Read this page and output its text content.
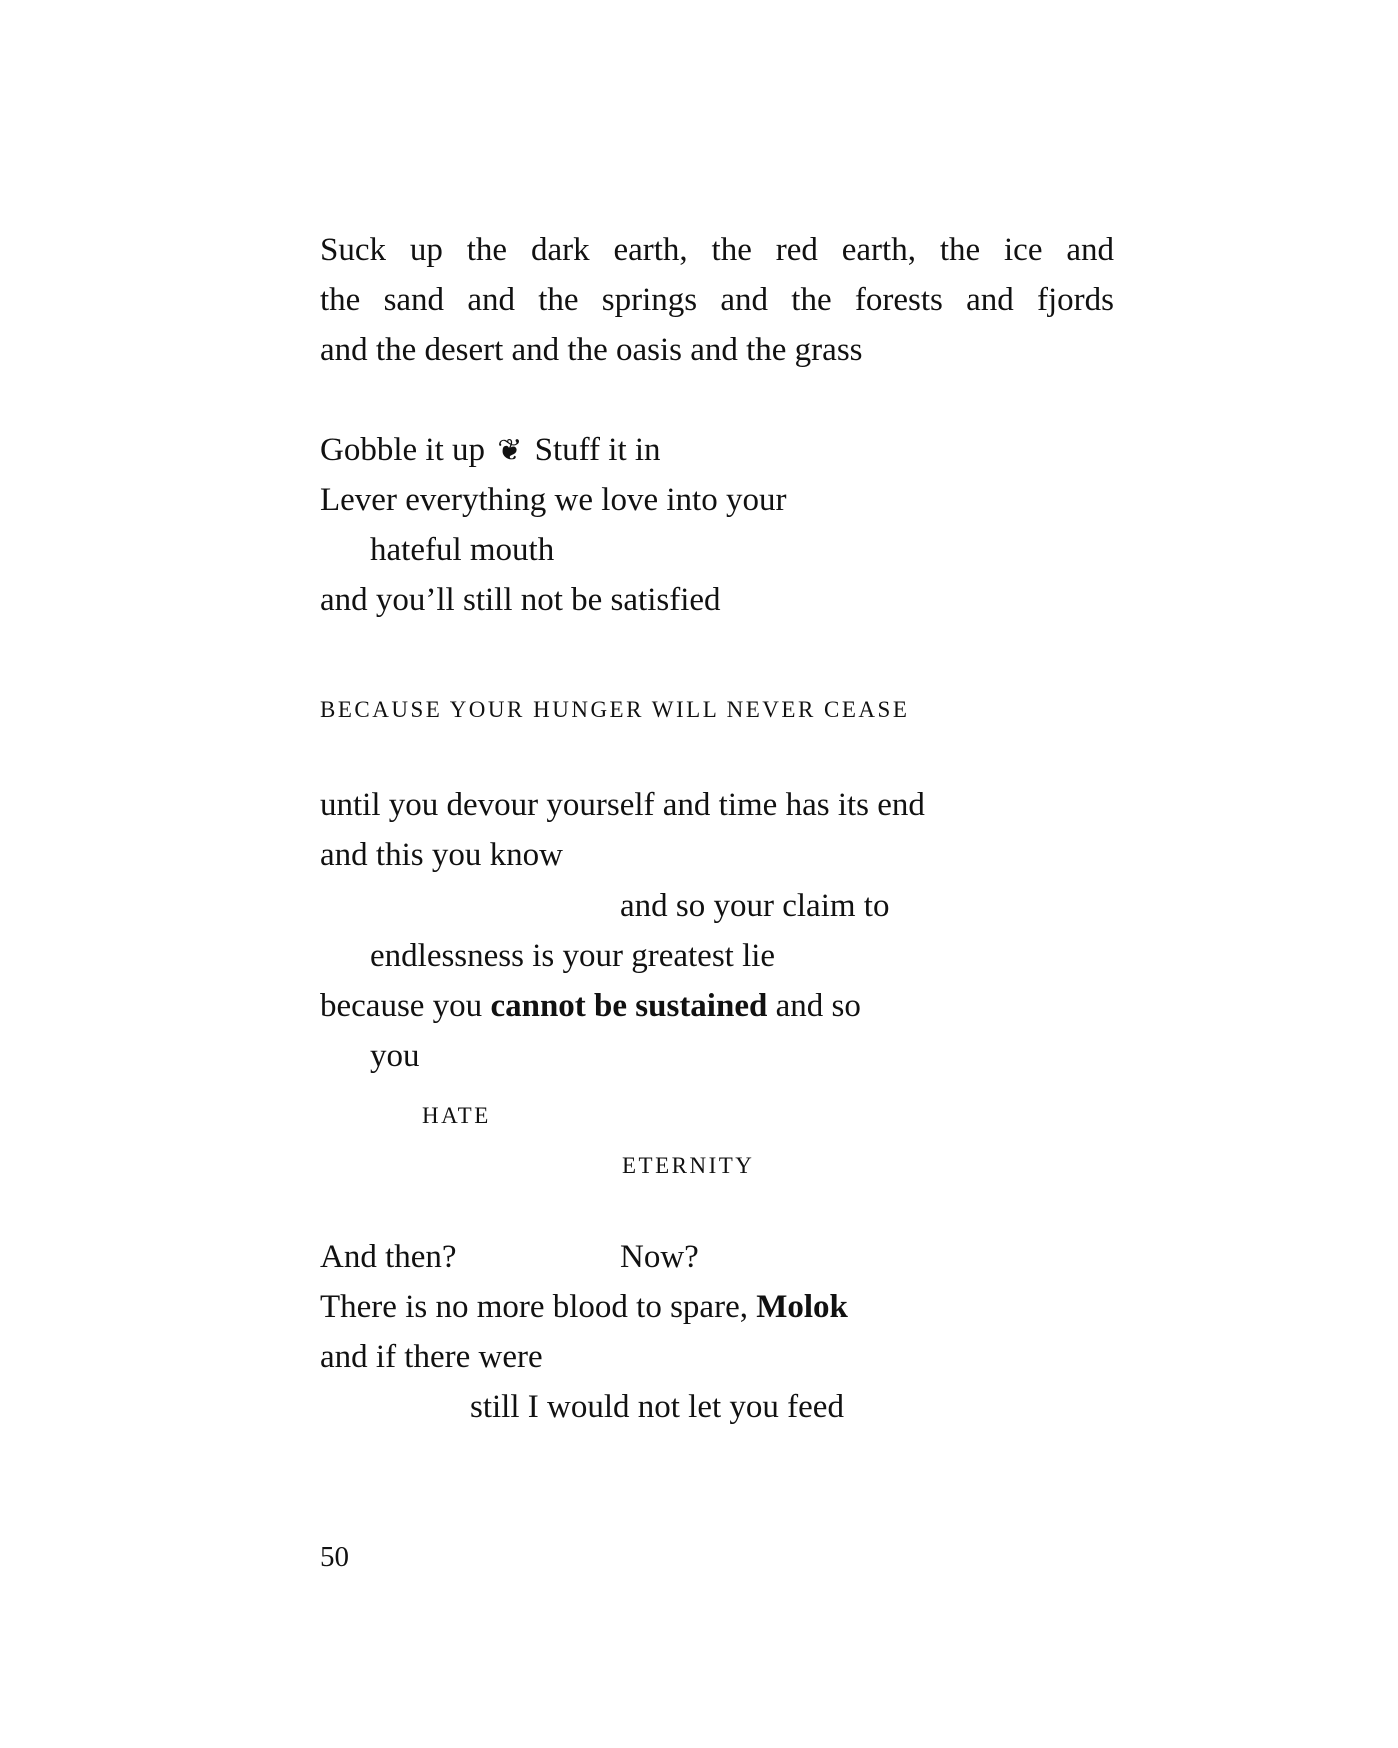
Suck up the dark earth, the red earth, the ice and
the sand and the springs and the forests and fjords
and the desert and the oasis and the grass
Gobble it up ❦ Stuff it in
Lever everything we love into your
hateful mouth
and you’ll still not be satisfied
BECAUSE YOUR HUNGER WILL NEVER CEASE
until you devour yourself and time has its end
and this you know
and so your claim to
endlessness is your greatest lie
because you cannot be sustained and so
you
HATE
ETERNITY
And then?	Now?
There is no more blood to spare, Molok
and if there were
still I would not let you feed
50
